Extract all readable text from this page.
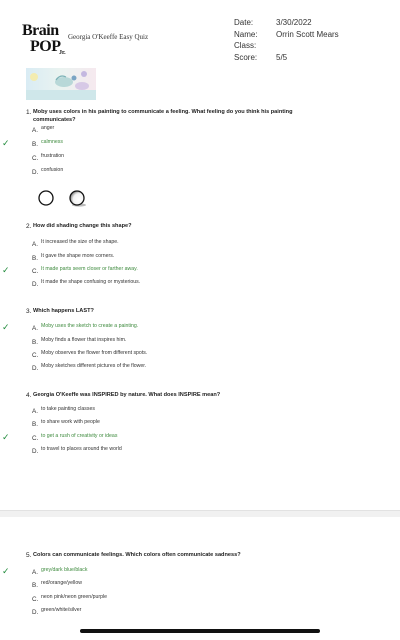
Brain
POP
Jr.
Georgia O'Keeffe Easy Quiz
Date:	3/30/2022
Name: Orrin Scott Mears
Class:
Score: 5/5
1. Moby uses colors in his painting to communicate a feeling. What feeling do you think his painting communicates?
A. anger
✓	B. calmness
C. frustration
D. confusion
2. How did shading change this shape?
A. It increased the size of the shape.
B. It gave the shape more corners.
✓	C. It made parts seem closer or farther away.
D. It made the shape confusing or mysterious.
3. Which happens LAST?
✓	A. Moby uses the sketch to create a painting.
B. Moby finds a flower that inspires him.
C. Moby observes the flower from different spots.
D. Moby sketches different pictures of the flower.
4. Georgia O'Keeffe was INSPIRED by nature. What does INSPIRE mean?
A. to take painting classes
B. to share work with people
✓	C. to get a rush of creativity or ideas
D. to travel to places around the world
5. Colors can communicate feelings. Which colors often communicate sadness?
✓	A. grey/dark blue/black
B. red/orange/yellow
C. neon pink/neon green/purple
D. green/white/silver
